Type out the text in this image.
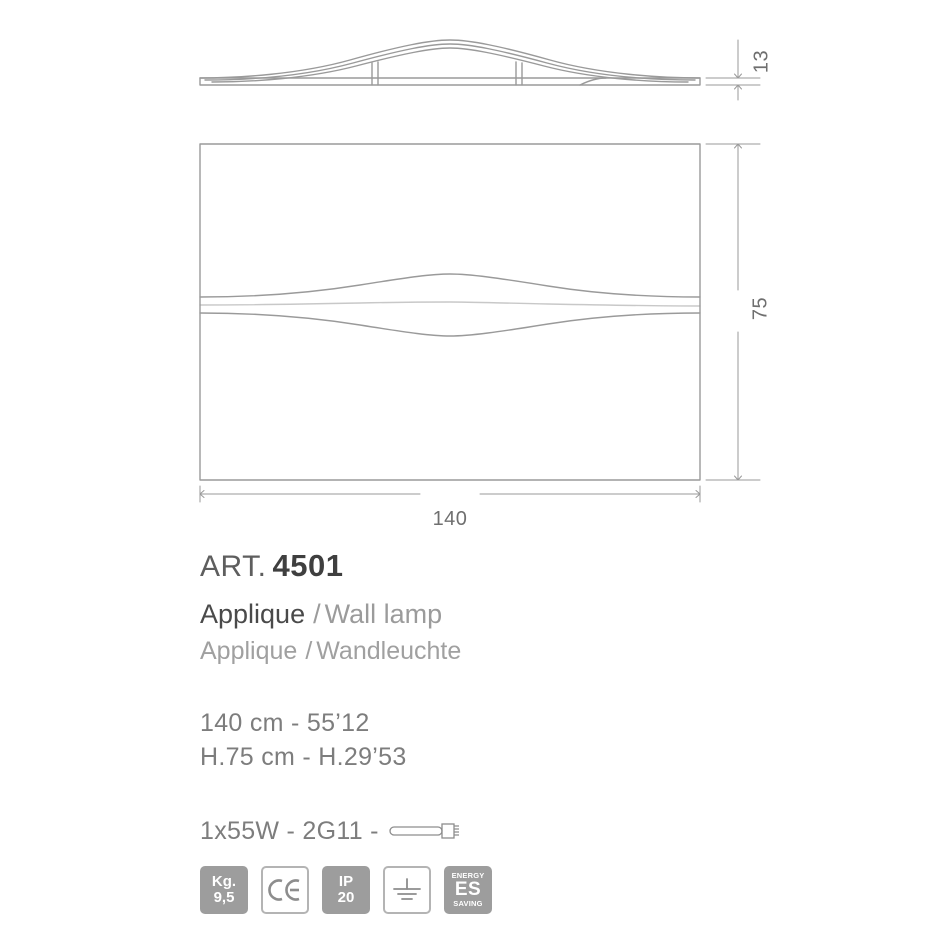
13
75
140
ART. 4501
Applique / Wall lamp
Applique / Wandleuchte
140 cm - 55’12
H.75 cm - H.29’53
1x55W - 2G11 -
Kg.
9,5
IP
20
ENERGY
ES
SAVING
